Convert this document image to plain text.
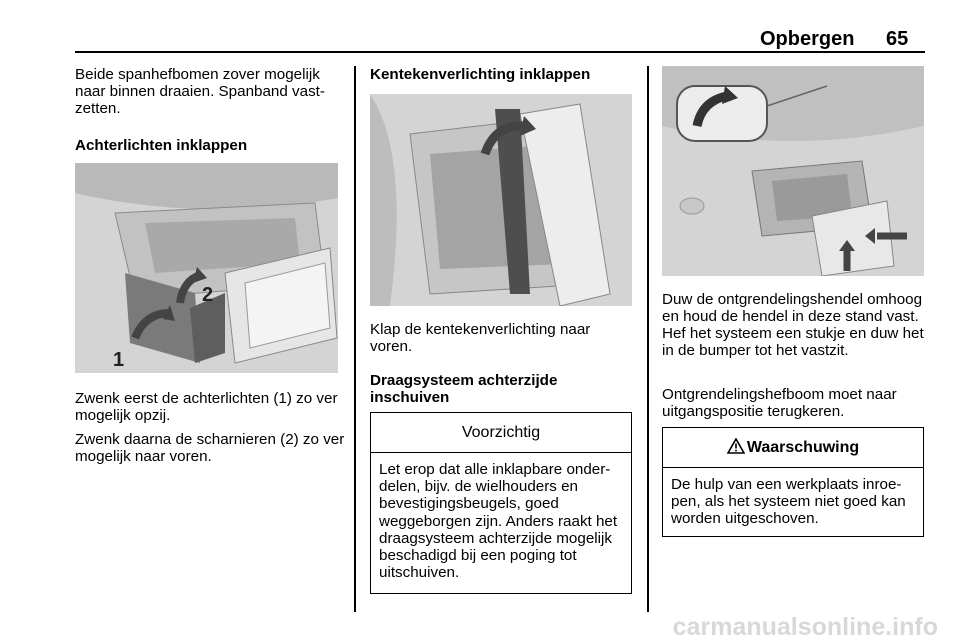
Opbergen 65

Beide spanhefbomen zover mogelijk naar binnen draaien. Spanband vast-zetten.

Achterlichten inklappen

1
2

Zwenk eerst de achterlichten (1) zo ver mogelijk opzij.

Zwenk daarna de scharnieren (2) zo ver mogelijk naar voren.

Kentekenverlichting inklappen

Klap de kentekenverlichting naar voren.

Draagsysteem achterzijde
inschuiven

Voorzichtig
Let erop dat alle inklapbare onder-delen, bijv. de wielhouders en bevestigingsbeugels, goed weggeborgen zijn. Anders raakt het draagsysteem achterzijde mogelijk beschadigd bij een poging tot uitschuiven.

Duw de ontgrendelingshendel omhoog en houd de hendel in deze stand vast. Hef het systeem een stukje en duw het in de bumper tot het vastzit.

Ontgrendelingshefboom moet naar uitgangspositie terugkeren.

Waarschuwing
De hulp van een werkplaats inroe-pen, als het systeem niet goed kan worden uitgeschoven.
carmanualsonline.info
